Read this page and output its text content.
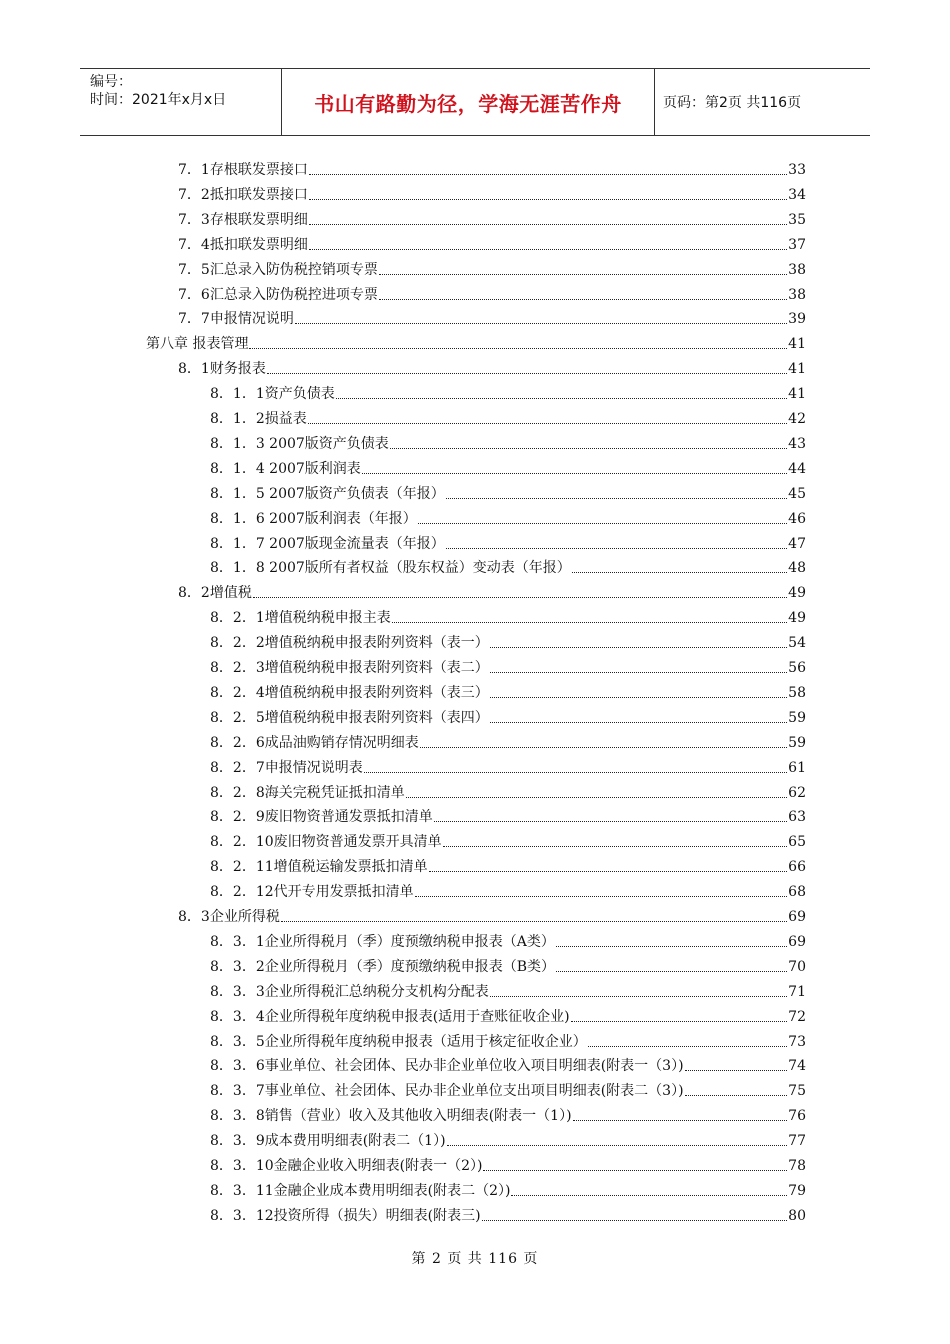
编号：
时间：2021年x月x日	书山有路勤为径，学海无涯苦作舟	页码：第2页 共116页
7．1存根联发票接口	33
7．2抵扣联发票接口	34
7．3存根联发票明细	35
7．4抵扣联发票明细	37
7．5汇总录入防伪税控销项专票	38
7．6汇总录入防伪税控进项专票	38
7．7申报情况说明	39
第八章 报表管理	41
8．1财务报表	41
8．1．1资产负债表	41
8．1．2损益表	42
8．1．3 2007版资产负债表	43
8．1．4 2007版利润表	44
8．1．5 2007版资产负债表（年报）	45
8．1．6 2007版利润表（年报）	46
8．1．7 2007版现金流量表（年报）	47
8．1．8 2007版所有者权益（股东权益）变动表（年报）	48
8．2增值税	49
8．2．1增值税纳税申报主表	49
8．2．2增值税纳税申报表附列资料（表一）	54
8．2．3增值税纳税申报表附列资料（表二）	56
8．2．4增值税纳税申报表附列资料（表三）	58
8．2．5增值税纳税申报表附列资料（表四）	59
8．2．6成品油购销存情况明细表	59
8．2．7申报情况说明表	61
8．2．8海关完税凭证抵扣清单	62
8．2．9废旧物资普通发票抵扣清单	63
8．2．10废旧物资普通发票开具清单	65
8．2．11增值税运输发票抵扣清单	66
8．2．12代开专用发票抵扣清单	68
8．3企业所得税	69
8．3．1企业所得税月（季）度预缴纳税申报表（A类）	69
8．3．2企业所得税月（季）度预缴纳税申报表（B类）	70
8．3．3企业所得税汇总纳税分支机构分配表	71
8．3．4企业所得税年度纳税申报表(适用于查账征收企业)	72
8．3．5企业所得税年度纳税申报表（适用于核定征收企业）	73
8．3．6事业单位、社会团体、民办非企业单位收入项目明细表(附表一（3）)	74
8．3．7事业单位、社会团体、民办非企业单位支出项目明细表(附表二（3）)	75
8．3．8销售（营业）收入及其他收入明细表(附表一（1）)	76
8．3．9成本费用明细表(附表二（1）)	77
8．3．10金融企业收入明细表(附表一（2）)	78
8．3．11金融企业成本费用明细表(附表二（2）)	79
8．3．12投资所得（损失）明细表(附表三)	80
第 2 页 共 116 页
